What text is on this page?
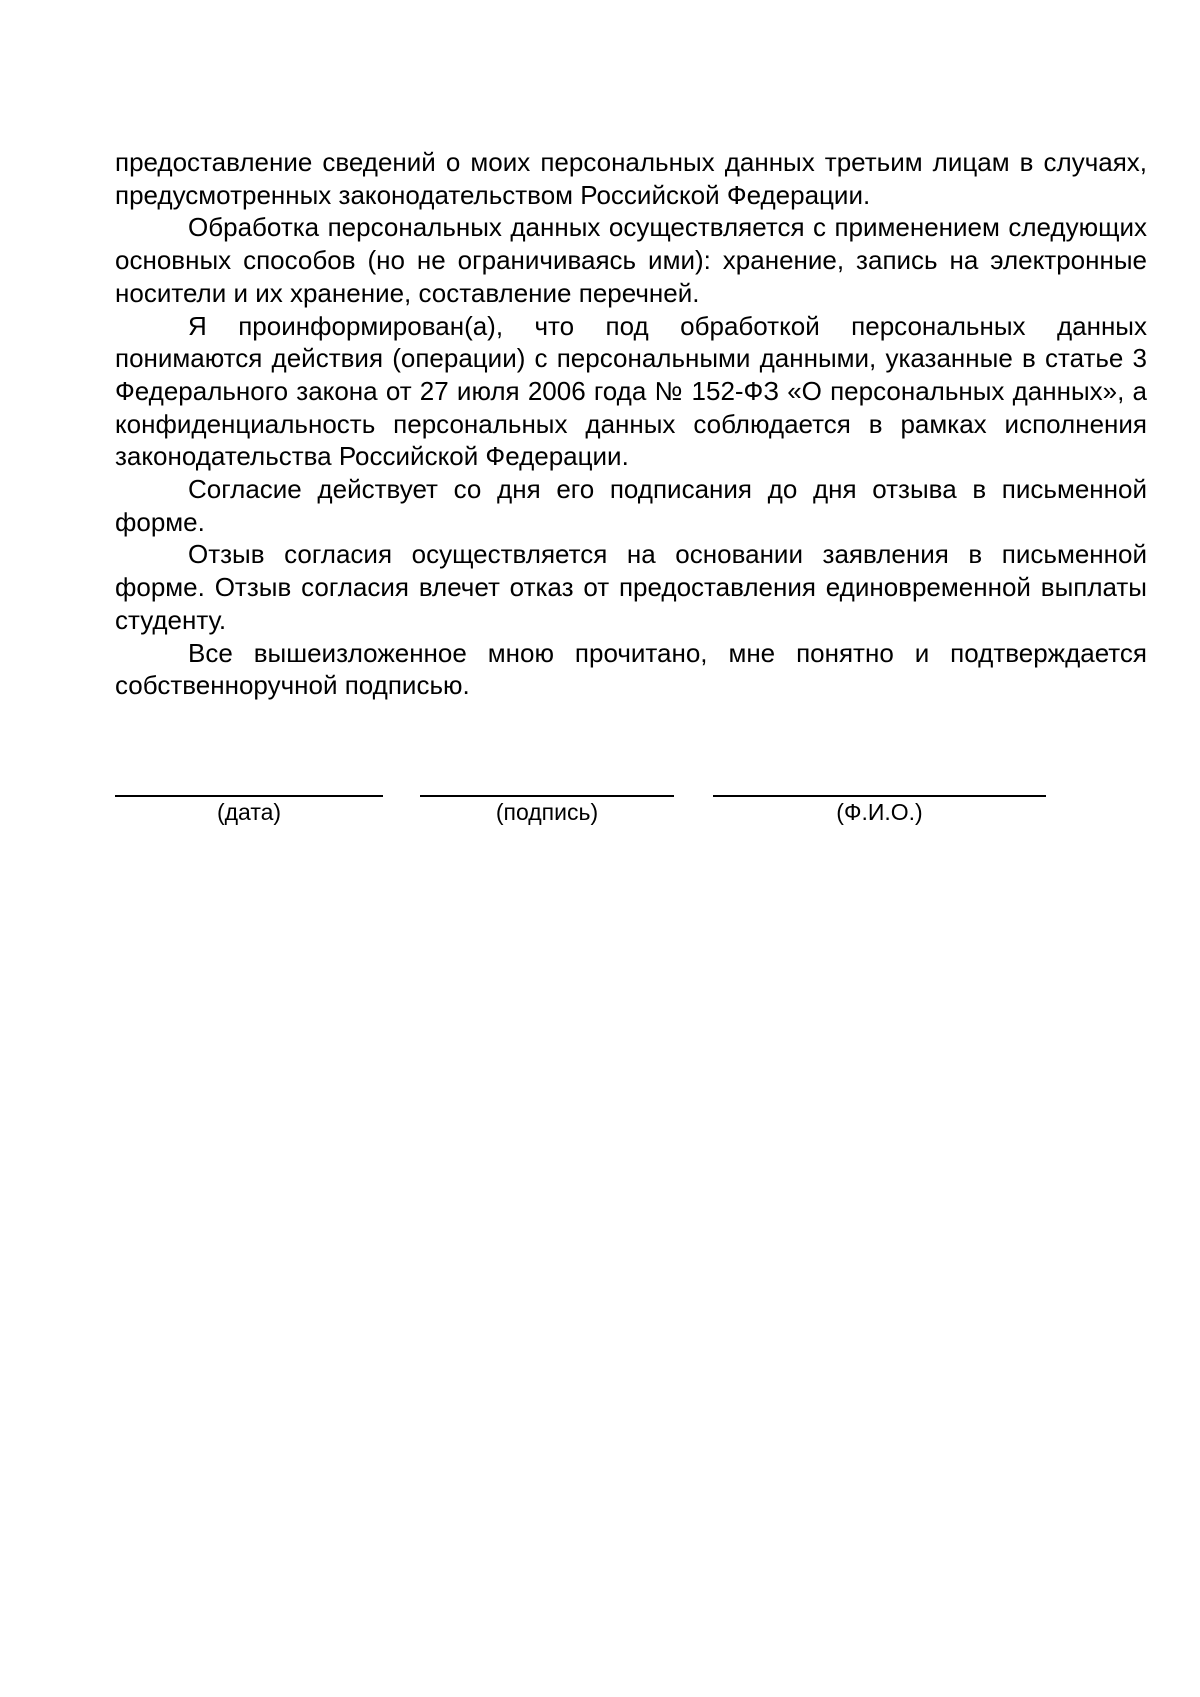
предоставление сведений о моих персональных данных третьим лицам в случаях, предусмотренных законодательством Российской Федерации.

Обработка персональных данных осуществляется с применением следующих основных способов (но не ограничиваясь ими): хранение, запись на электронные носители и их хранение, составление перечней.

Я проинформирован(а), что под обработкой персональных данных понимаются действия (операции) с персональными данными, указанные в статье 3 Федерального закона от 27 июля 2006 года № 152-ФЗ «О персональных данных», а конфиденциальность персональных данных соблюдается в рамках исполнения законодательства Российской Федерации.

Согласие действует со дня его подписания до дня отзыва в письменной форме.

Отзыв согласия осуществляется на основании заявления в письменной форме. Отзыв согласия влечет отказ от предоставления единовременной выплаты студенту.

Все вышеизложенное мною прочитано, мне понятно и подтверждается собственноручной подписью.

(дата)	(подпись)	(Ф.И.О.)
